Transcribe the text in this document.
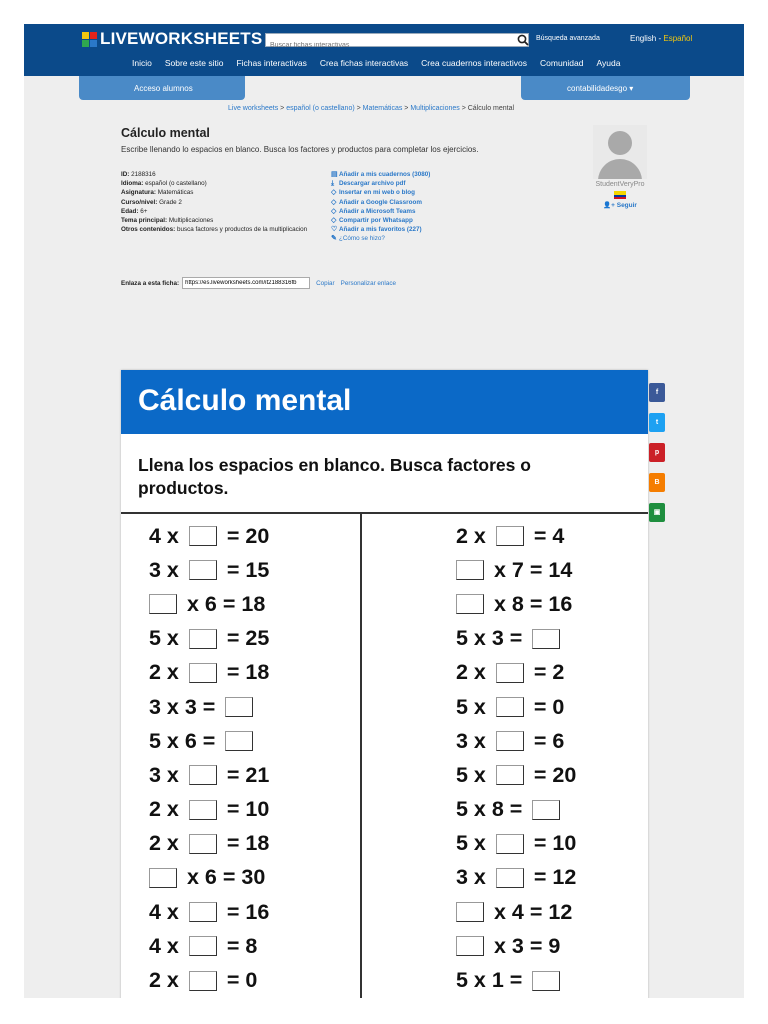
LIVEWORKSHEETS
Buscar fichas interactivas	Búsqueda avanzada	English - Español
Inicio Sobre este sitio Fichas interactivas Crea fichas interactivas Crea cuadernos interactivos Comunidad Ayuda
Acceso alumnos	contabilidadesgo ▾
Live worksheets > español (o castellano) > Matemáticas > Multiplicaciones > Cálculo mental
Cálculo mental
Escribe llenando lo espacios en blanco. Busca los factores y productos para completar los ejercicios.
ID: 2188316
Idioma: español (o castellano)
Asignatura: Matemáticas
Curso/nivel: Grade 2
Edad: 6+
Tema principal: Multiplicaciones
Otros contenidos: busca factores y productos de la multiplicacion
▤ Añadir a mis cuadernos (3080)
⤓ Descargar archivo pdf
◇ Insertar en mi web o blog
◇ Añadir a Google Classroom
◇ Añadir a Microsoft Teams
◇ Compartir por Whatsapp
♡ Añadir a mis favoritos (227)
✎ ¿Cómo se hizo?
StudentVeryPro
👤+ Seguir
Enlaza a esta ficha:
https://es.liveworksheets.com/it2188316fb	Copiar Personalizar enlace
Cálculo mental
Llena los espacios en blanco. Busca factores o productos.
4 x = 20
3 x = 15
x 6 = 18
5 x = 25
2 x = 18
3 x 3 =
5 x 6 =
3 x = 21
2 x = 10
2 x = 18
x 6 = 30
4 x = 16
4 x = 8
2 x = 0
2 x = 4
x 7 = 14
x 8 = 16
5 x 3 =
2 x = 2
5 x = 0
3 x = 6
5 x = 20
5 x 8 =
5 x = 10
3 x = 12
x 4 = 12
x 3 = 9
5 x 1 =
f
t
p
B
▣
